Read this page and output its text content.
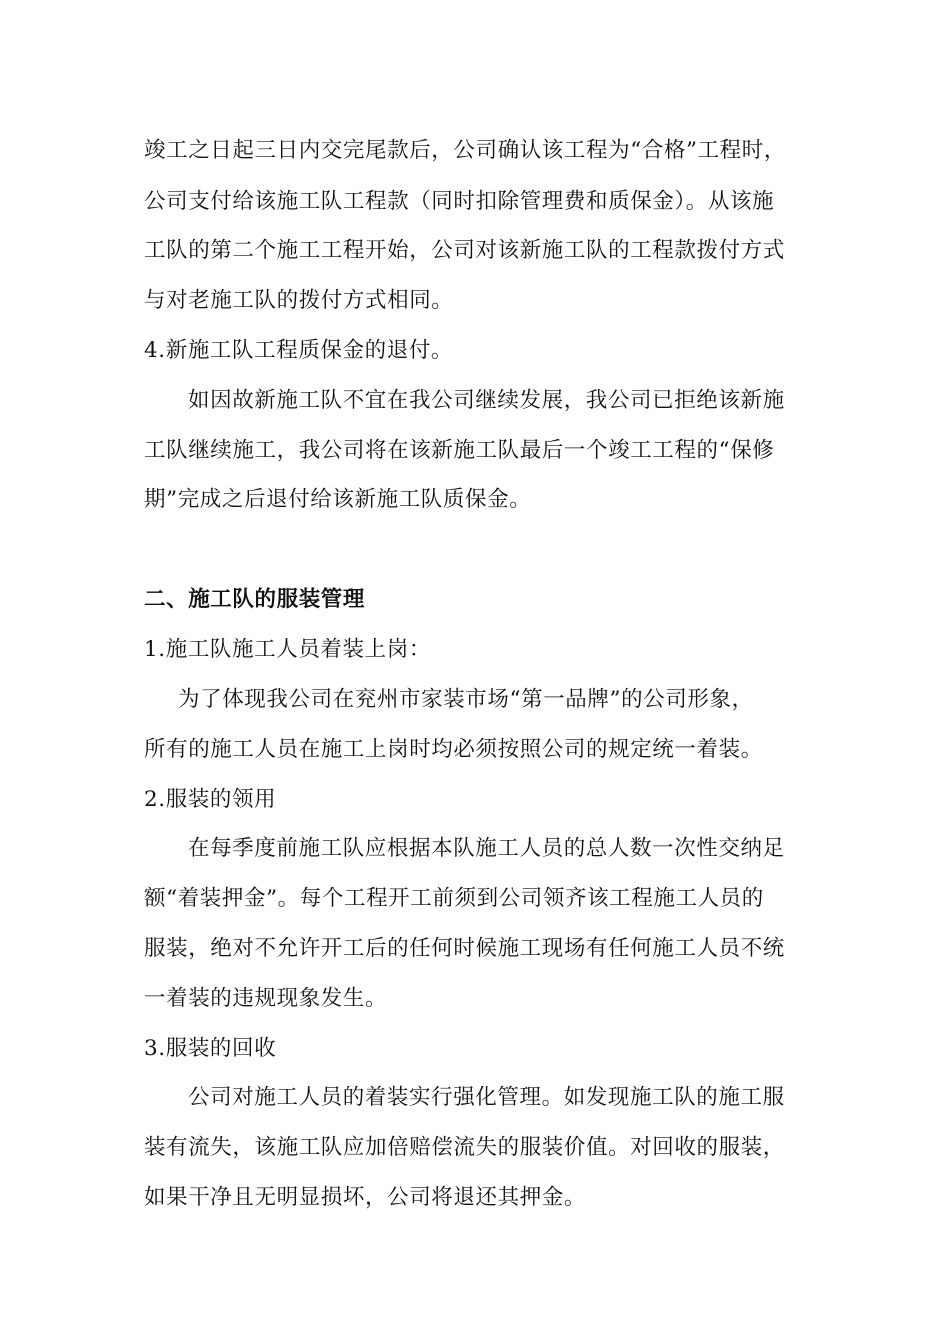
竣工之日起三日内交完尾款后，公司确认该工程为“合格”工程时，
公司支付给该施工队工程款（同时扣除管理费和质保金）。从该施
工队的第二个施工工程开始，公司对该新施工队的工程款拨付方式
与对老施工队的拨付方式相同。
4.新施工队工程质保金的退付。
如因故新施工队不宜在我公司继续发展，我公司已拒绝该新施
工队继续施工，我公司将在该新施工队最后一个竣工工程的“保修
期”完成之后退付给该新施工队质保金。
二、施工队的服装管理
1.施工队施工人员着装上岗：
为了体现我公司在兖州市家装市场“第一品牌”的公司形象，
所有的施工人员在施工上岗时均必须按照公司的规定统一着装。
2.服装的领用
在每季度前施工队应根据本队施工人员的总人数一次性交纳足
额“着装押金”。每个工程开工前须到公司领齐该工程施工人员的
服装，绝对不允许开工后的任何时候施工现场有任何施工人员不统
一着装的违规现象发生。
3.服装的回收
公司对施工人员的着装实行强化管理。如发现施工队的施工服
装有流失，该施工队应加倍赔偿流失的服装价值。对回收的服装，
如果干净且无明显损坏，公司将退还其押金。
